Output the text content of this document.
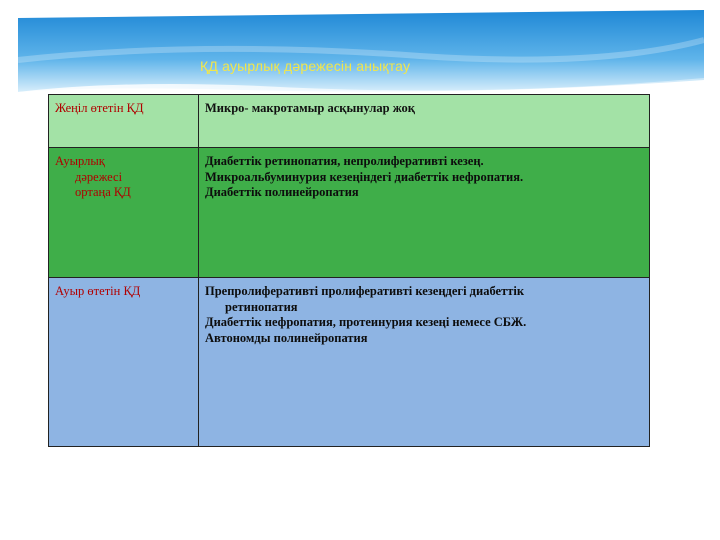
ҚД ауырлық дәрежесін анықтау
Жеңіл өтетін ҚД	Микро- макротамыр асқынулар жоқ

Ауырлық
дәрежесі
ортаңа ҚД	Диабеттік ретинопатия, непролиферативті кезең.
Микроальбуминурия кезеңіндегі диабеттік нефропатия.
Диабеттік полинейропатия

Ауыр өтетін ҚД	Препролиферативті пролиферативті кезеңдегі диабеттік
ретинопатия
Диабеттік нефропатия, протеинурия кезеңі немесе СБЖ.
Автономды полинейропатия
